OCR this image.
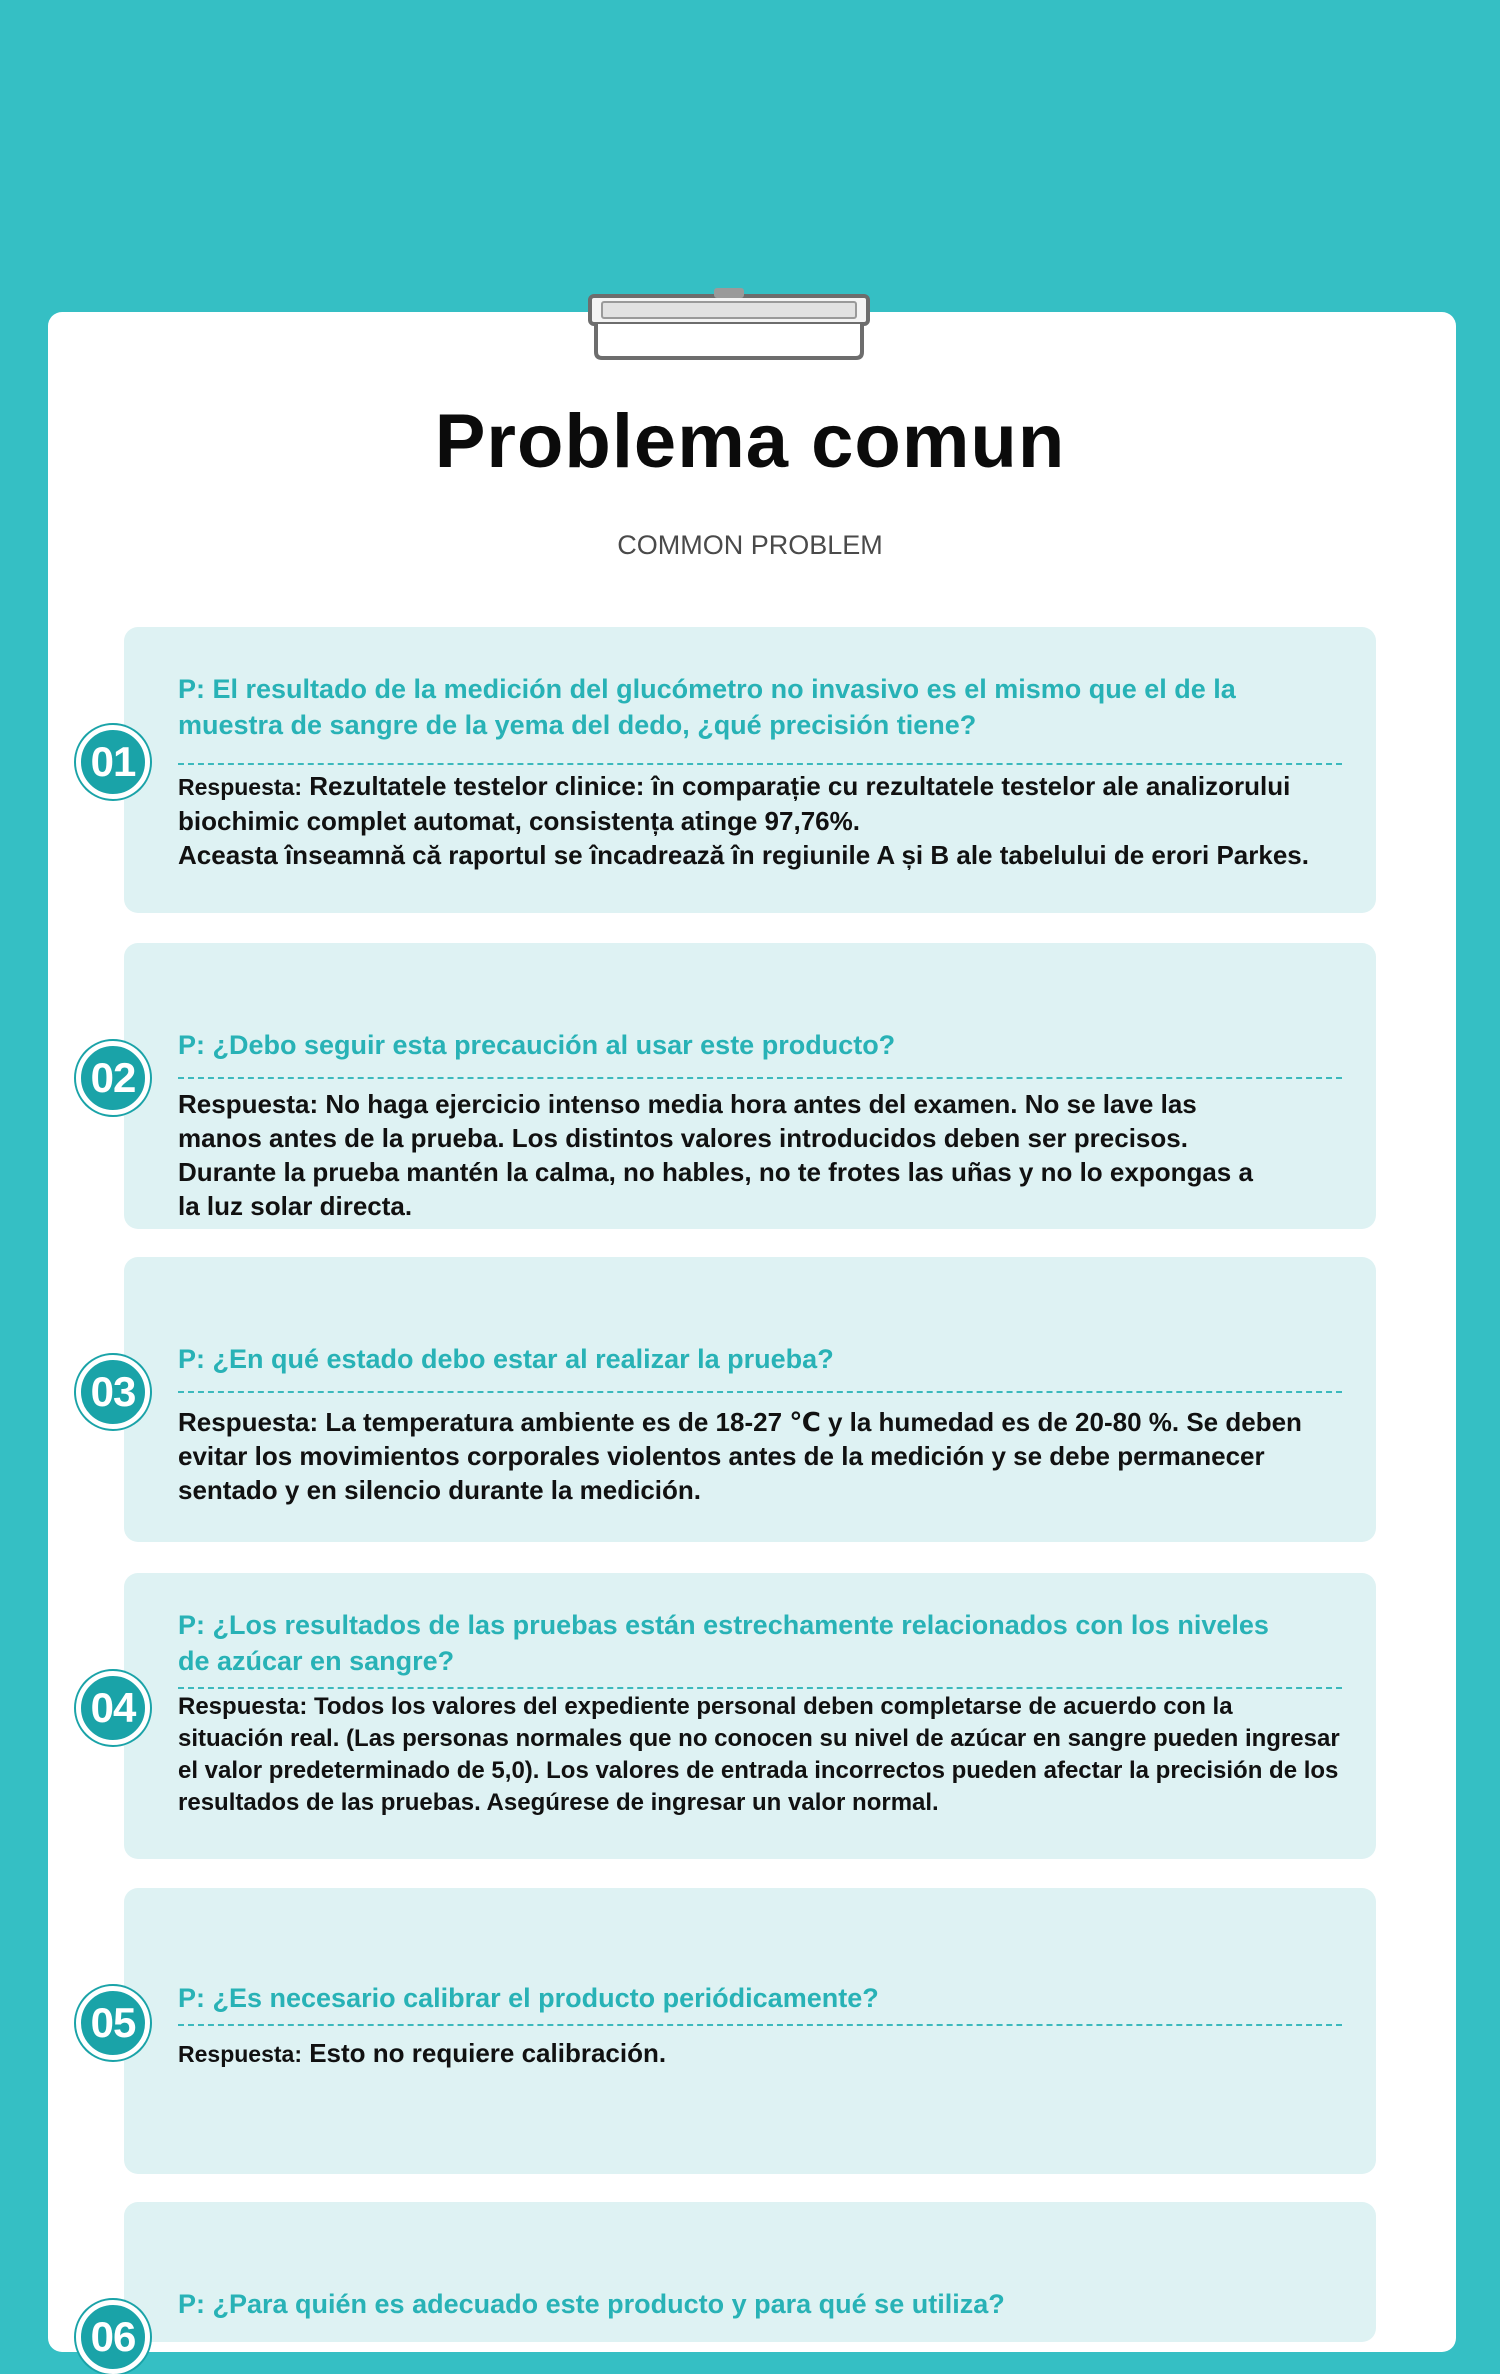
Problema comun
COMMON PROBLEM
01
P: El resultado de la medición del glucómetro no invasivo es el mismo que el de la muestra de sangre de la yema del dedo, ¿qué precisión tiene?
Respuesta: Rezultatele testelor clinice: în comparație cu rezultatele testelor ale analizorului biochimic complet automat, consistența atinge 97,76%.
Aceasta înseamnă că raportul se încadrează în regiunile A și B ale tabelului de erori Parkes.
02
P: ¿Debo seguir esta precaución al usar este producto?
Respuesta: No haga ejercicio intenso media hora antes del examen. No se lave las manos antes de la prueba. Los distintos valores introducidos deben ser precisos. Durante la prueba mantén la calma, no hables, no te frotes las uñas y no lo expongas a la luz solar directa.
03
P: ¿En qué estado debo estar al realizar la prueba?
Respuesta: La temperatura ambiente es de 18-27 ℃ y la humedad es de 20-80 %. Se deben evitar los movimientos corporales violentos antes de la medición y se debe permanecer sentado y en silencio durante la medición.
04
P: ¿Los resultados de las pruebas están estrechamente relacionados con los niveles de azúcar en sangre?
Respuesta: Todos los valores del expediente personal deben completarse de acuerdo con la situación real. (Las personas normales que no conocen su nivel de azúcar en sangre pueden ingresar el valor predeterminado de 5,0). Los valores de entrada incorrectos pueden afectar la precisión de los resultados de las pruebas. Asegúrese de ingresar un valor normal.
05
P: ¿Es necesario calibrar el producto periódicamente?
Respuesta: Esto no requiere calibración.
06
P: ¿Para quién es adecuado este producto y para qué se utiliza?
